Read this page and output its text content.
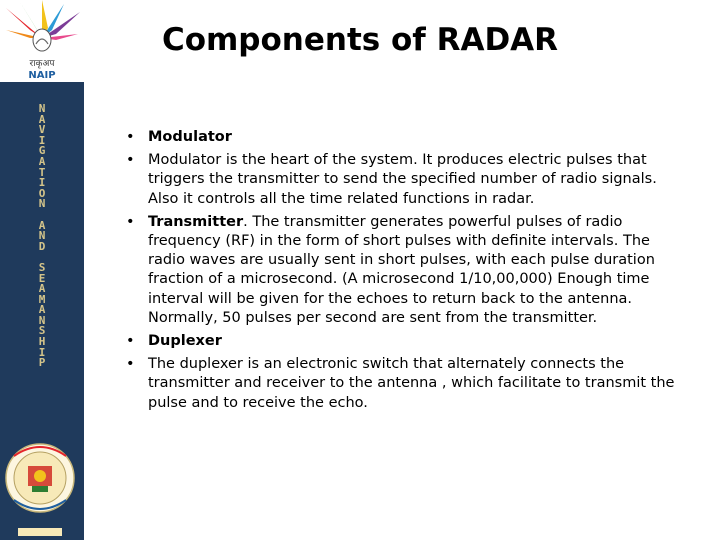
राकृअप
NAIP
N
A
V
I
G
A
T
I
O
N
A
N
D
S
E
A
M
A
N
S
H
I
P
Components of RADAR
• Modulator
• Modulator is the heart of the system. It produces electric pulses that triggers the transmitter to send the specified number of radio signals. Also it controls all the time related functions in radar.
• Transmitter. The transmitter generates powerful pulses of radio frequency (RF) in the form of short pulses with definite intervals. The radio waves are usually sent in short pulses, with each pulse duration fraction of a microsecond. (A microsecond 1/10,00,000) Enough time interval will be given for the echoes to return back to the antenna. Normally, 50 pulses per second are sent from the transmitter.
• Duplexer
• The duplexer is an electronic switch that alternately connects the transmitter and receiver to the antenna , which facilitate to transmit the pulse and to receive the echo.
